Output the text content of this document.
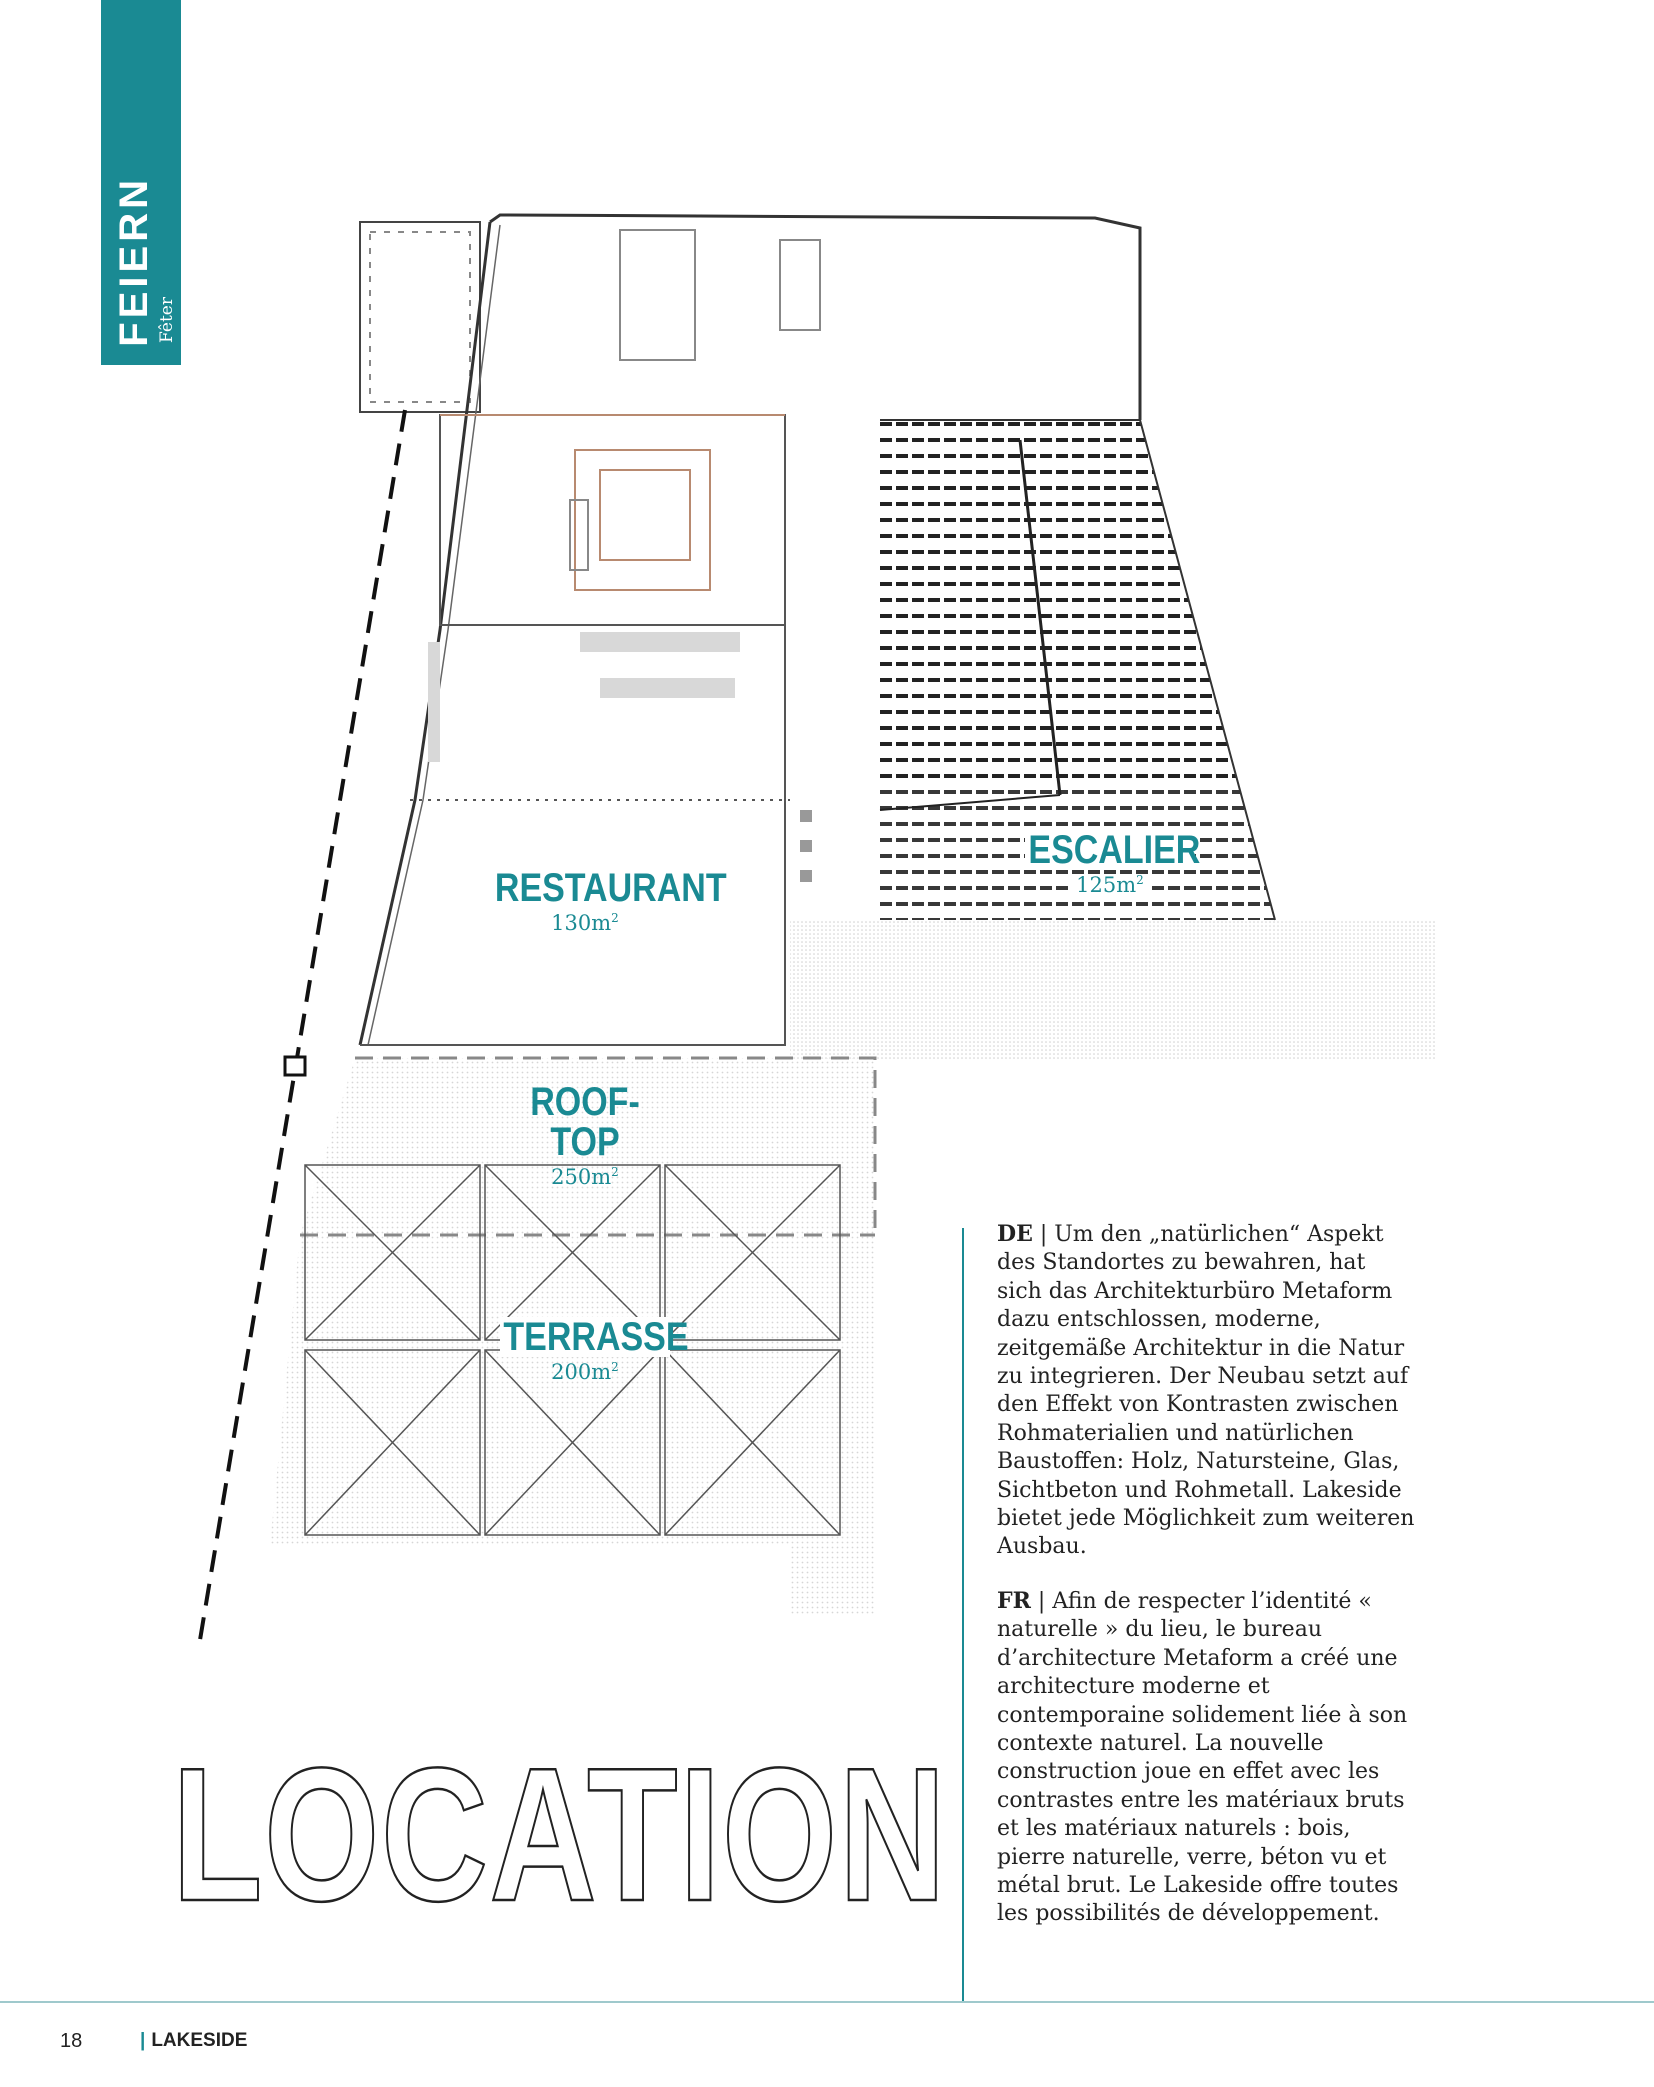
FEIERN Fêter
RESTAURANT
$130m^2$
ESCALIER
$125m^2$
ROOF-TOP
$250m^2$
TERRASSE
$200m^2$
DE | Um den „natürlichen“ Aspekt des Standortes zu bewahren, hat sich das Architekturbüro Metaform dazu entschlossen, moderne, zeitgemäße Architektur in die Natur zu integrieren. Der Neubau setzt auf den Effekt von Kontrasten zwischen Rohmaterialien und natürlichen Baustoffen: Holz, Natursteine, Glas, Sichtbeton und Rohmetall. Lakeside bietet jede Möglichkeit zum weiteren Ausbau.
FR | Afin de respecter l’identité « naturelle » du lieu, le bureau d’architecture Metaform a créé une architecture moderne et contemporaine solidement liée à son contexte naturel. La nouvelle construction joue en effet avec les contrastes entre les matériaux bruts et les matériaux naturels : bois, pierre naturelle, verre, béton vu et métal brut. Le Lakeside offre toutes les possibilités de développement.
LOCATION
18	| LAKESIDE
